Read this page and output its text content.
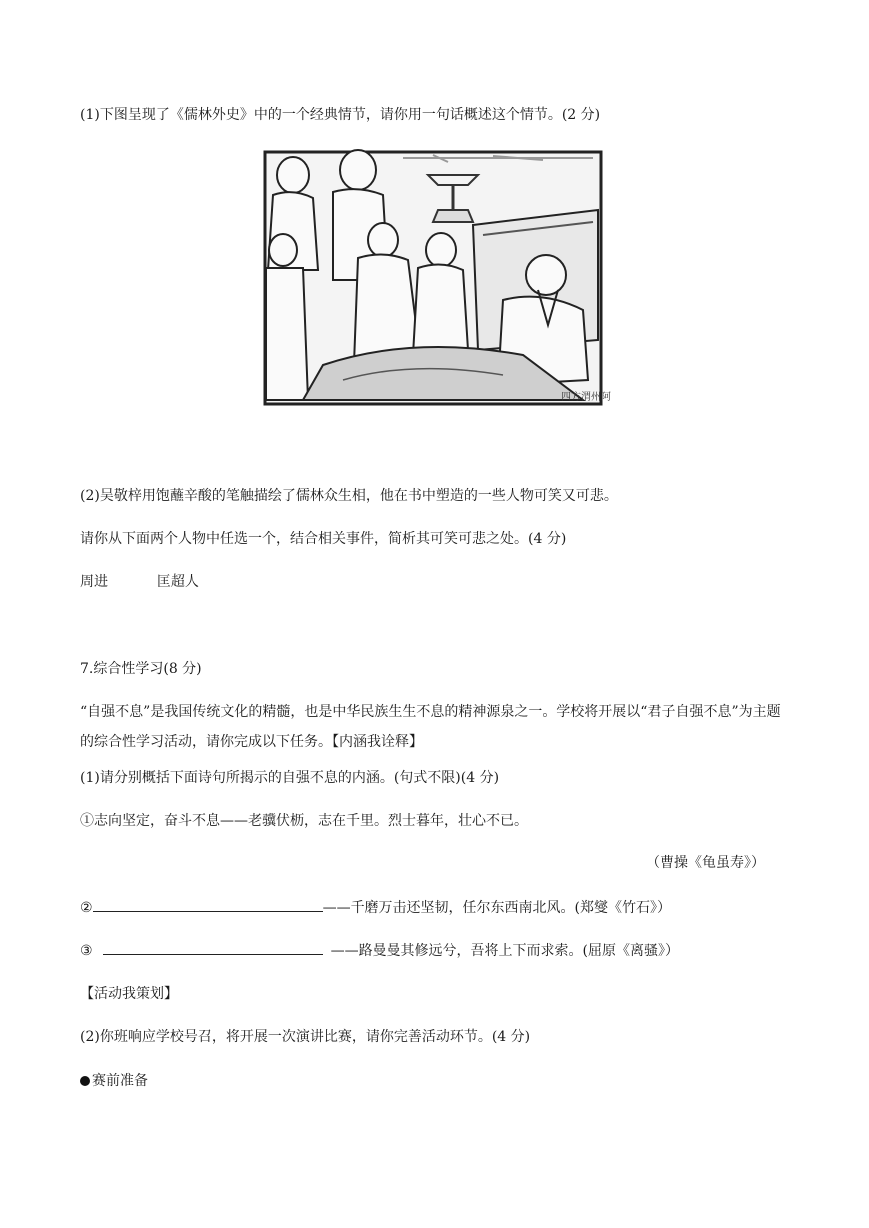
(1)下图呈现了《儒林外史》中的一个经典情节，请你用一句话概述这个情节。(2 分)
四方渭州阿
(2)吴敬梓用饱蘸辛酸的笔触描绘了儒林众生相，他在书中塑造的一些人物可笑又可悲。
请你从下面两个人物中任选一个，结合相关事件，简析其可笑可悲之处。(4 分)
周进	匡超人
7.综合性学习(8 分)
“自强不息”是我国传统文化的精髓，也是中华民族生生不息的精神源泉之一。学校将开展以“君子自强不息”为主题的综合性学习活动，请你完成以下任务。【内涵我诠释】
(1)请分别概括下面诗句所揭示的自强不息的内涵。(句式不限)(4 分)
①志向坚定，奋斗不息——老骥伏枥，志在千里。烈士暮年，壮心不已。
（曹操《龟虽寿》）
②	——千磨万击还坚韧，任尔东西南北风。(郑燮《竹石》）
③	——路曼曼其修远兮，吾将上下而求索。(屈原《离骚》）
【活动我策划】
(2)你班响应学校号召，将开展一次演讲比赛，请你完善活动环节。(4 分)
赛前准备
